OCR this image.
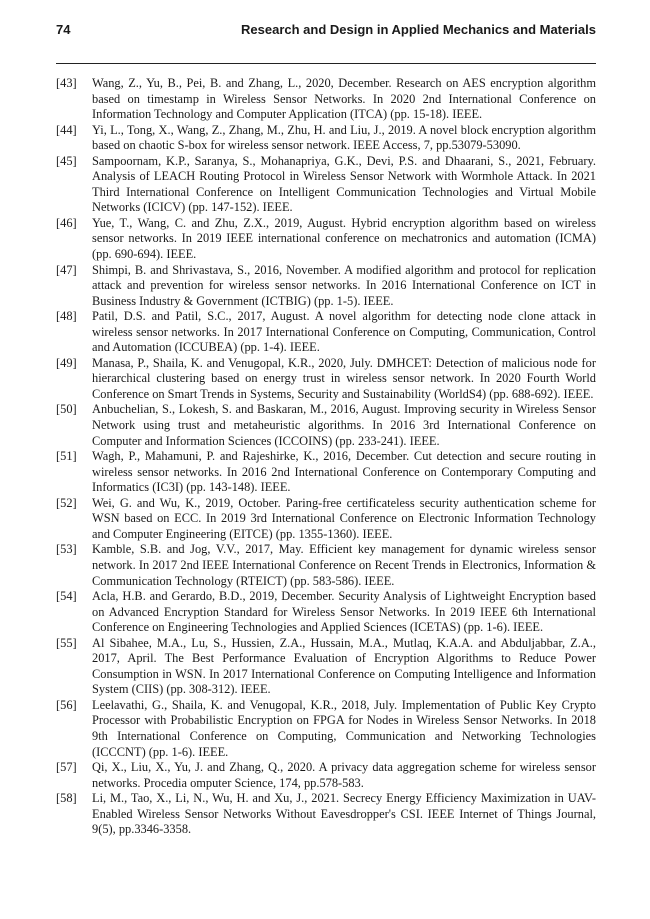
74	Research and Design in Applied Mechanics and Materials
[43]	Wang, Z., Yu, B., Pei, B. and Zhang, L., 2020, December. Research on AES encryption algorithm based on timestamp in Wireless Sensor Networks. In 2020 2nd International Conference on Information Technology and Computer Application (ITCA) (pp. 15-18). IEEE.
[44]	Yi, L., Tong, X., Wang, Z., Zhang, M., Zhu, H. and Liu, J., 2019. A novel block encryption algorithm based on chaotic S-box for wireless sensor network. IEEE Access, 7, pp.53079-53090.
[45]	Sampoornam, K.P., Saranya, S., Mohanapriya, G.K., Devi, P.S. and Dhaarani, S., 2021, February. Analysis of LEACH Routing Protocol in Wireless Sensor Network with Wormhole Attack. In 2021 Third International Conference on Intelligent Communication Technologies and Virtual Mobile Networks (ICICV) (pp. 147-152). IEEE.
[46]	Yue, T., Wang, C. and Zhu, Z.X., 2019, August. Hybrid encryption algorithm based on wireless sensor networks. In 2019 IEEE international conference on mechatronics and automation (ICMA) (pp. 690-694). IEEE.
[47]	Shimpi, B. and Shrivastava, S., 2016, November. A modified algorithm and protocol for replication attack and prevention for wireless sensor networks. In 2016 International Conference on ICT in Business Industry & Government (ICTBIG) (pp. 1-5). IEEE.
[48]	Patil, D.S. and Patil, S.C., 2017, August. A novel algorithm for detecting node clone attack in wireless sensor networks. In 2017 International Conference on Computing, Communication, Control and Automation (ICCUBEA) (pp. 1-4). IEEE.
[49]	Manasa, P., Shaila, K. and Venugopal, K.R., 2020, July. DMHCET: Detection of malicious node for hierarchical clustering based on energy trust in wireless sensor network. In 2020 Fourth World Conference on Smart Trends in Systems, Security and Sustainability (WorldS4) (pp. 688-692). IEEE.
[50]	Anbuchelian, S., Lokesh, S. and Baskaran, M., 2016, August. Improving security in Wireless Sensor Network using trust and metaheuristic algorithms. In 2016 3rd International Conference on Computer and Information Sciences (ICCOINS) (pp. 233-241). IEEE.
[51]	Wagh, P., Mahamuni, P. and Rajeshirke, K., 2016, December. Cut detection and secure routing in wireless sensor networks. In 2016 2nd International Conference on Contemporary Computing and Informatics (IC3I) (pp. 143-148). IEEE.
[52]	Wei, G. and Wu, K., 2019, October. Paring-free certificateless security authentication scheme for WSN based on ECC. In 2019 3rd International Conference on Electronic Information Technology and Computer Engineering (EITCE) (pp. 1355-1360). IEEE.
[53]	Kamble, S.B. and Jog, V.V., 2017, May. Efficient key management for dynamic wireless sensor network. In 2017 2nd IEEE International Conference on Recent Trends in Electronics, Information & Communication Technology (RTEICT) (pp. 583-586). IEEE.
[54]	Acla, H.B. and Gerardo, B.D., 2019, December. Security Analysis of Lightweight Encryption based on Advanced Encryption Standard for Wireless Sensor Networks. In 2019 IEEE 6th International Conference on Engineering Technologies and Applied Sciences (ICETAS) (pp. 1-6). IEEE.
[55]	Al Sibahee, M.A., Lu, S., Hussien, Z.A., Hussain, M.A., Mutlaq, K.A.A. and Abduljabbar, Z.A., 2017, April. The Best Performance Evaluation of Encryption Algorithms to Reduce Power Consumption in WSN. In 2017 International Conference on Computing Intelligence and Information System (CIIS) (pp. 308-312). IEEE.
[56]	Leelavathi, G., Shaila, K. and Venugopal, K.R., 2018, July. Implementation of Public Key Crypto Processor with Probabilistic Encryption on FPGA for Nodes in Wireless Sensor Networks. In 2018 9th International Conference on Computing, Communication and Networking Technologies (ICCCNT) (pp. 1-6). IEEE.
[57]	Qi, X., Liu, X., Yu, J. and Zhang, Q., 2020. A privacy data aggregation scheme for wireless sensor networks. Procedia omputer Science, 174, pp.578-583.
[58]	Li, M., Tao, X., Li, N., Wu, H. and Xu, J., 2021. Secrecy Energy Efficiency Maximization in UAV-Enabled Wireless Sensor Networks Without Eavesdropper's CSI. IEEE Internet of Things Journal, 9(5), pp.3346-3358.
